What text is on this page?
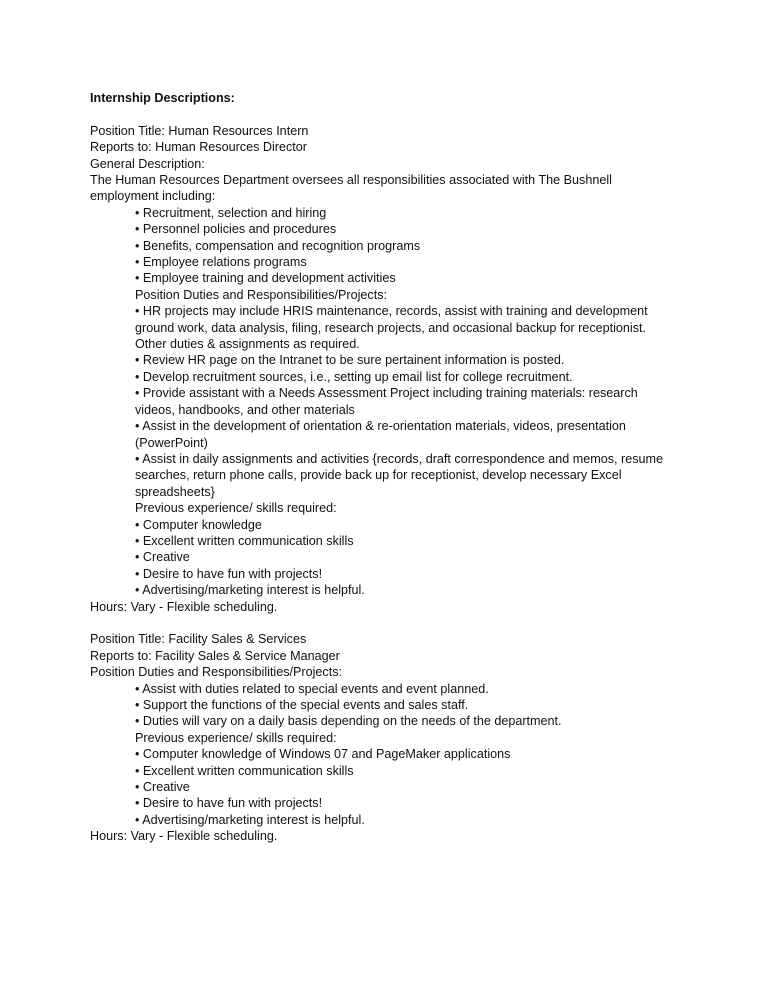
Internship Descriptions:
Position Title: Human Resources Intern
Reports to: Human Resources Director
General Description:
The Human Resources Department oversees all responsibilities associated with The Bushnell
employment including:
• Recruitment, selection and hiring
• Personnel policies and procedures
• Benefits, compensation and recognition programs
• Employee relations programs
• Employee training and development activities
Position Duties and Responsibilities/Projects:
• HR projects may include HRIS maintenance, records, assist with training and development
ground work, data analysis, filing, research projects, and occasional backup for receptionist.
Other duties & assignments as required.
• Review HR page on the Intranet to be sure pertainent information is posted.
• Develop recruitment sources, i.e., setting up email list for college recruitment.
• Provide assistant with a Needs Assessment Project including training materials: research
videos, handbooks, and other materials
• Assist in the development of orientation & re-orientation materials, videos, presentation
(PowerPoint)
• Assist in daily assignments and activities {records, draft correspondence and memos, resume
searches, return phone calls, provide back up for receptionist, develop necessary Excel
spreadsheets}
Previous experience/ skills required:
• Computer knowledge
• Excellent written communication skills
• Creative
• Desire to have fun with projects!
• Advertising/marketing interest is helpful.
Hours: Vary - Flexible scheduling.
Position Title: Facility Sales & Services
Reports to: Facility Sales & Service Manager
Position Duties and Responsibilities/Projects:
• Assist with duties related to special events and event planned.
• Support the functions of the special events and sales staff.
• Duties will vary on a daily basis depending on the needs of the department.
Previous experience/ skills required:
• Computer knowledge of Windows 07 and PageMaker applications
• Excellent written communication skills
• Creative
• Desire to have fun with projects!
• Advertising/marketing interest is helpful.
Hours: Vary - Flexible scheduling.
